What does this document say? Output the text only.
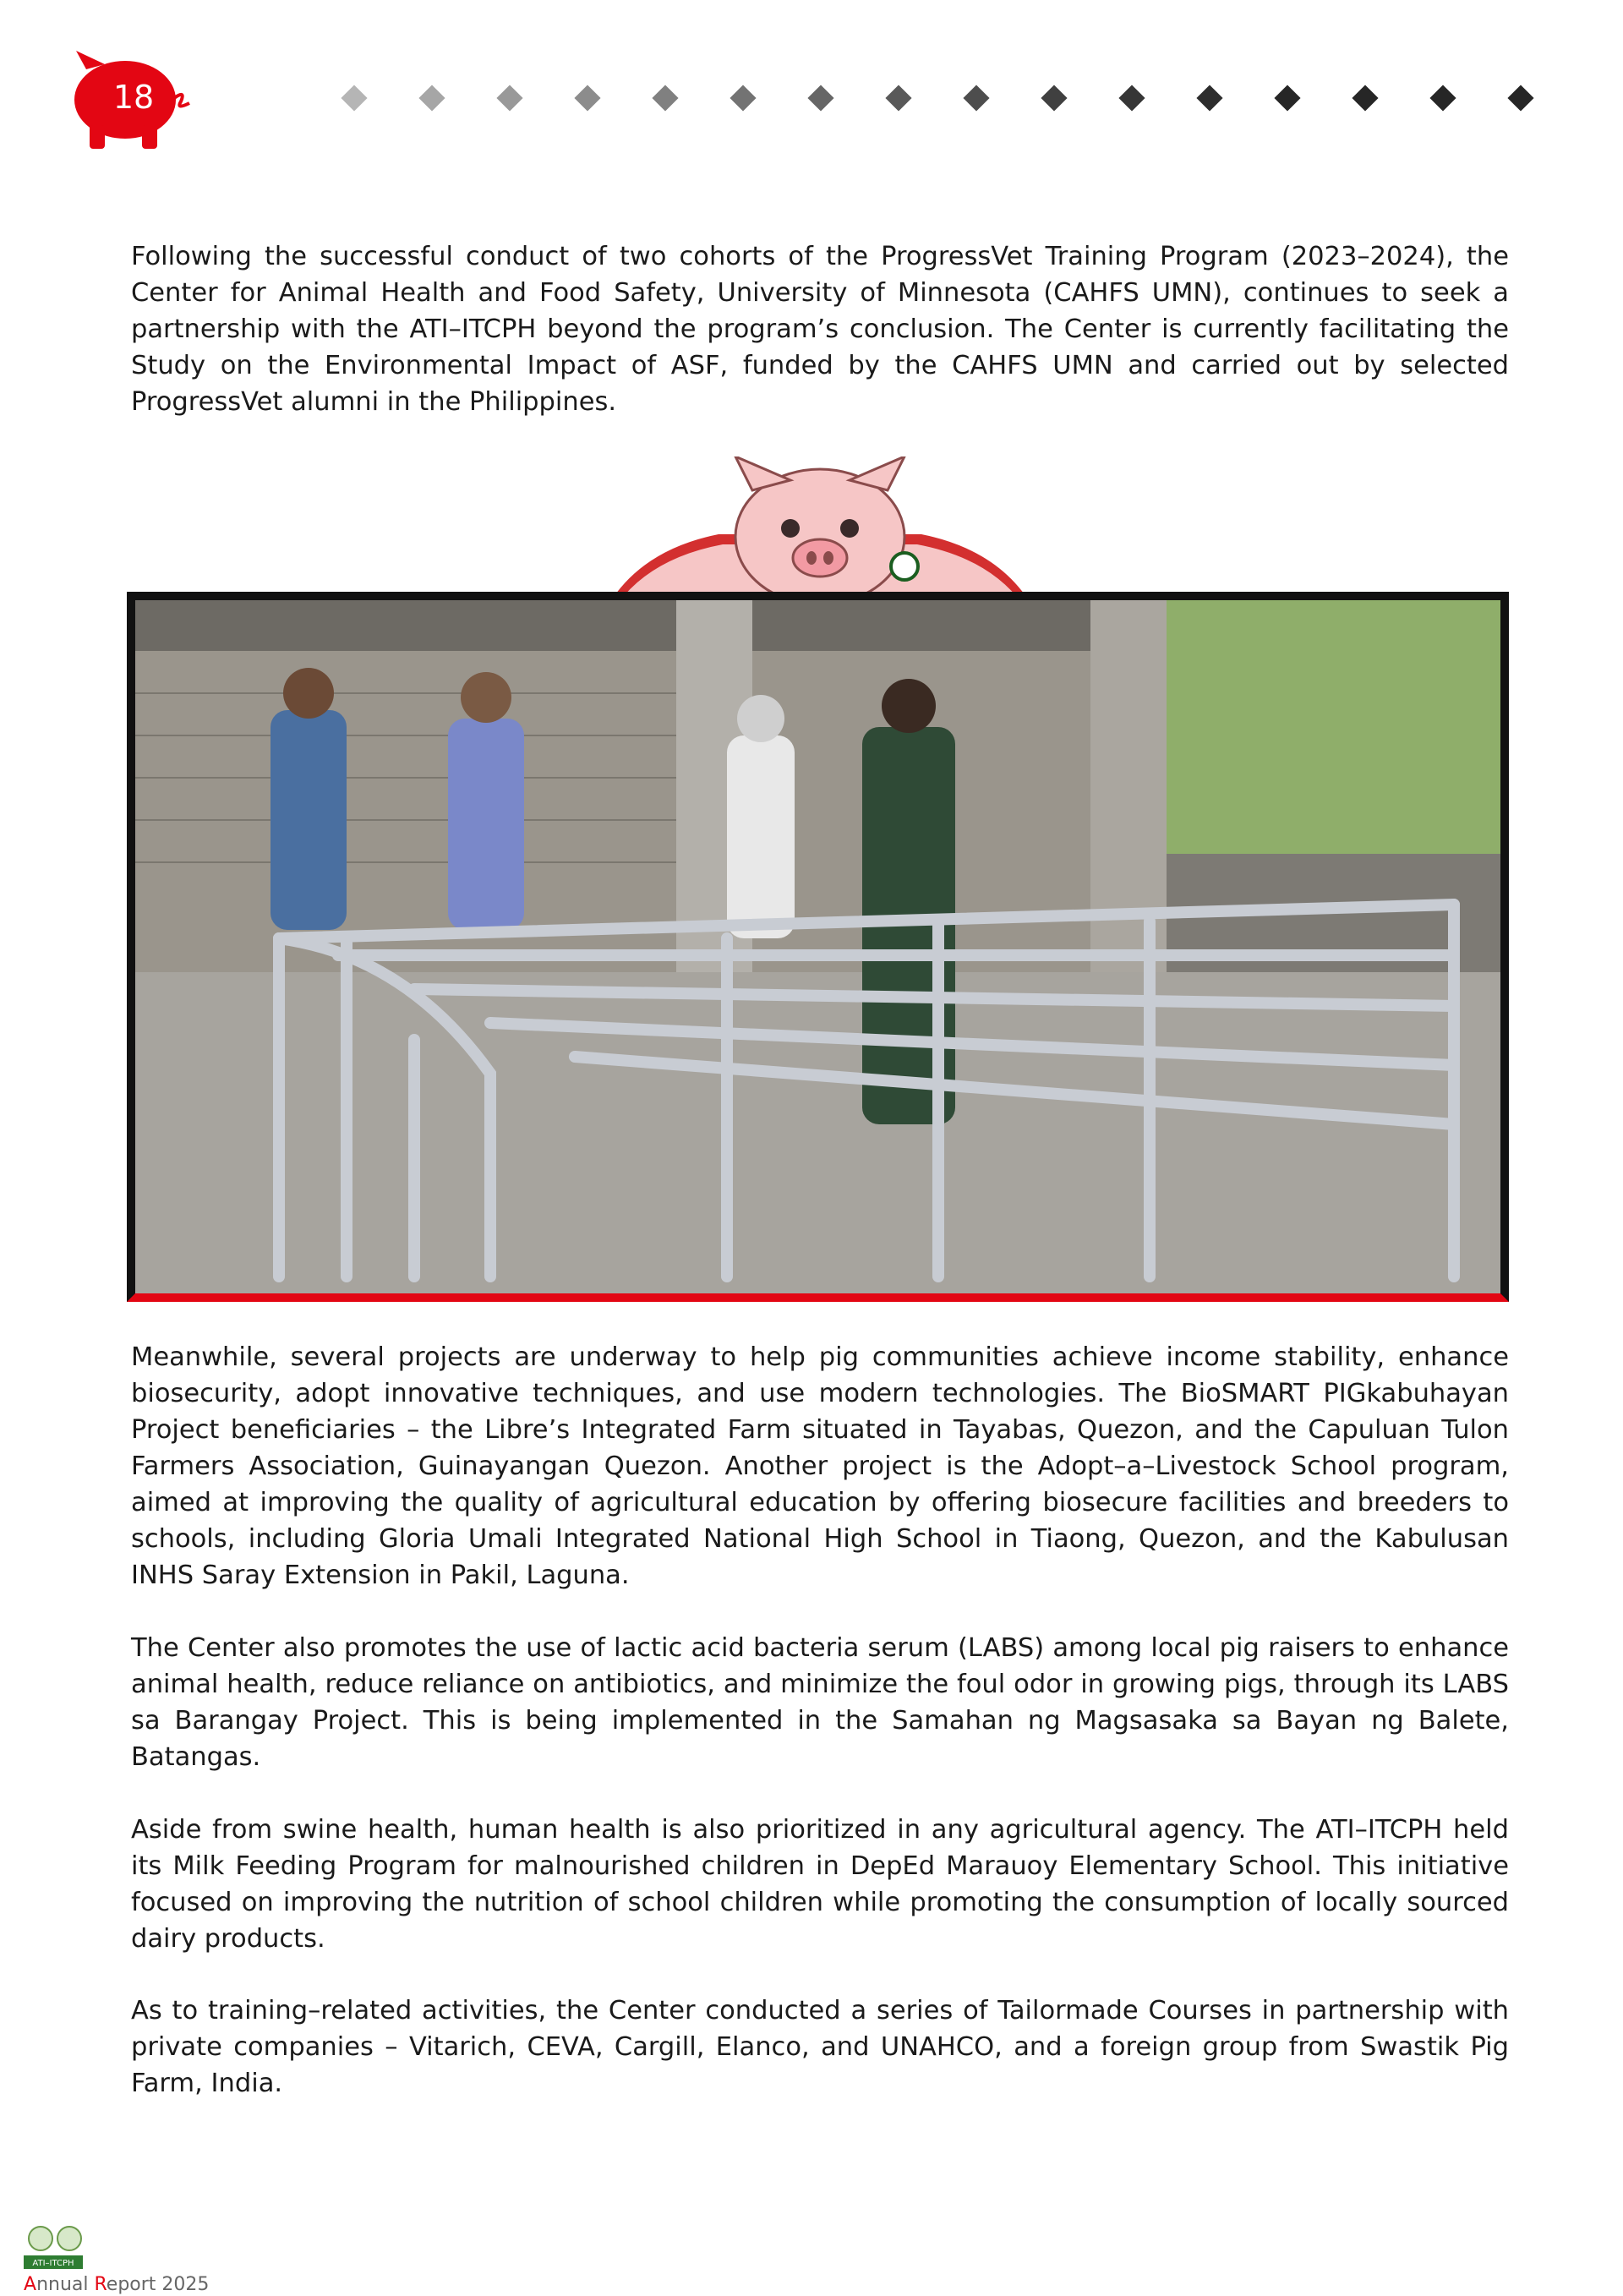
18

Following the successful conduct of two cohorts of the ProgressVet Training Program (2023–2024), the Center for Animal Health and Food Safety, University of Minnesota (CAHFS UMN), continues to seek a partnership with the ATI–ITCPH beyond the program’s conclusion. The Center is currently facilitating the Study on the Environmental Impact of ASF, funded by the CAHFS UMN and carried out by selected ProgressVet alumni in the Philippines.

Meanwhile, several projects are underway to help pig communities achieve income stability, enhance biosecurity, adopt innovative techniques, and use modern technologies. The BioSMART PIGkabuhayan Project beneficiaries – the Libre’s Integrated Farm situated in Tayabas, Quezon, and the Capuluan Tulon Farmers Association, Guinayangan Quezon. Another project is the Adopt–a–Livestock School program, aimed at improving the quality of agricultural education by offering biosecure facilities and breeders to schools, including Gloria Umali Integrated National High School in Tiaong, Quezon, and the Kabulusan INHS Saray Extension in Pakil, Laguna.

The Center also promotes the use of lactic acid bacteria serum (LABS) among local pig raisers to enhance animal health, reduce reliance on antibiotics, and minimize the foul odor in growing pigs, through its LABS sa Barangay Project. This is being implemented in the Samahan ng Magsasaka sa Bayan ng Balete, Batangas.

Aside from swine health, human health is also prioritized in any agricultural agency. The ATI–ITCPH held its Milk Feeding Program for malnourished children in DepEd Marauoy Elementary School. This initiative focused on improving the nutrition of school children while promoting the consumption of locally sourced dairy products.

As to training–related activities, the Center conducted a series of Tailormade Courses in partnership with private companies – Vitarich, CEVA, Cargill, Elanco, and UNAHCO, and a foreign group from Swastik Pig Farm, India.

ATI–ITCPH
Annual Report 2025
